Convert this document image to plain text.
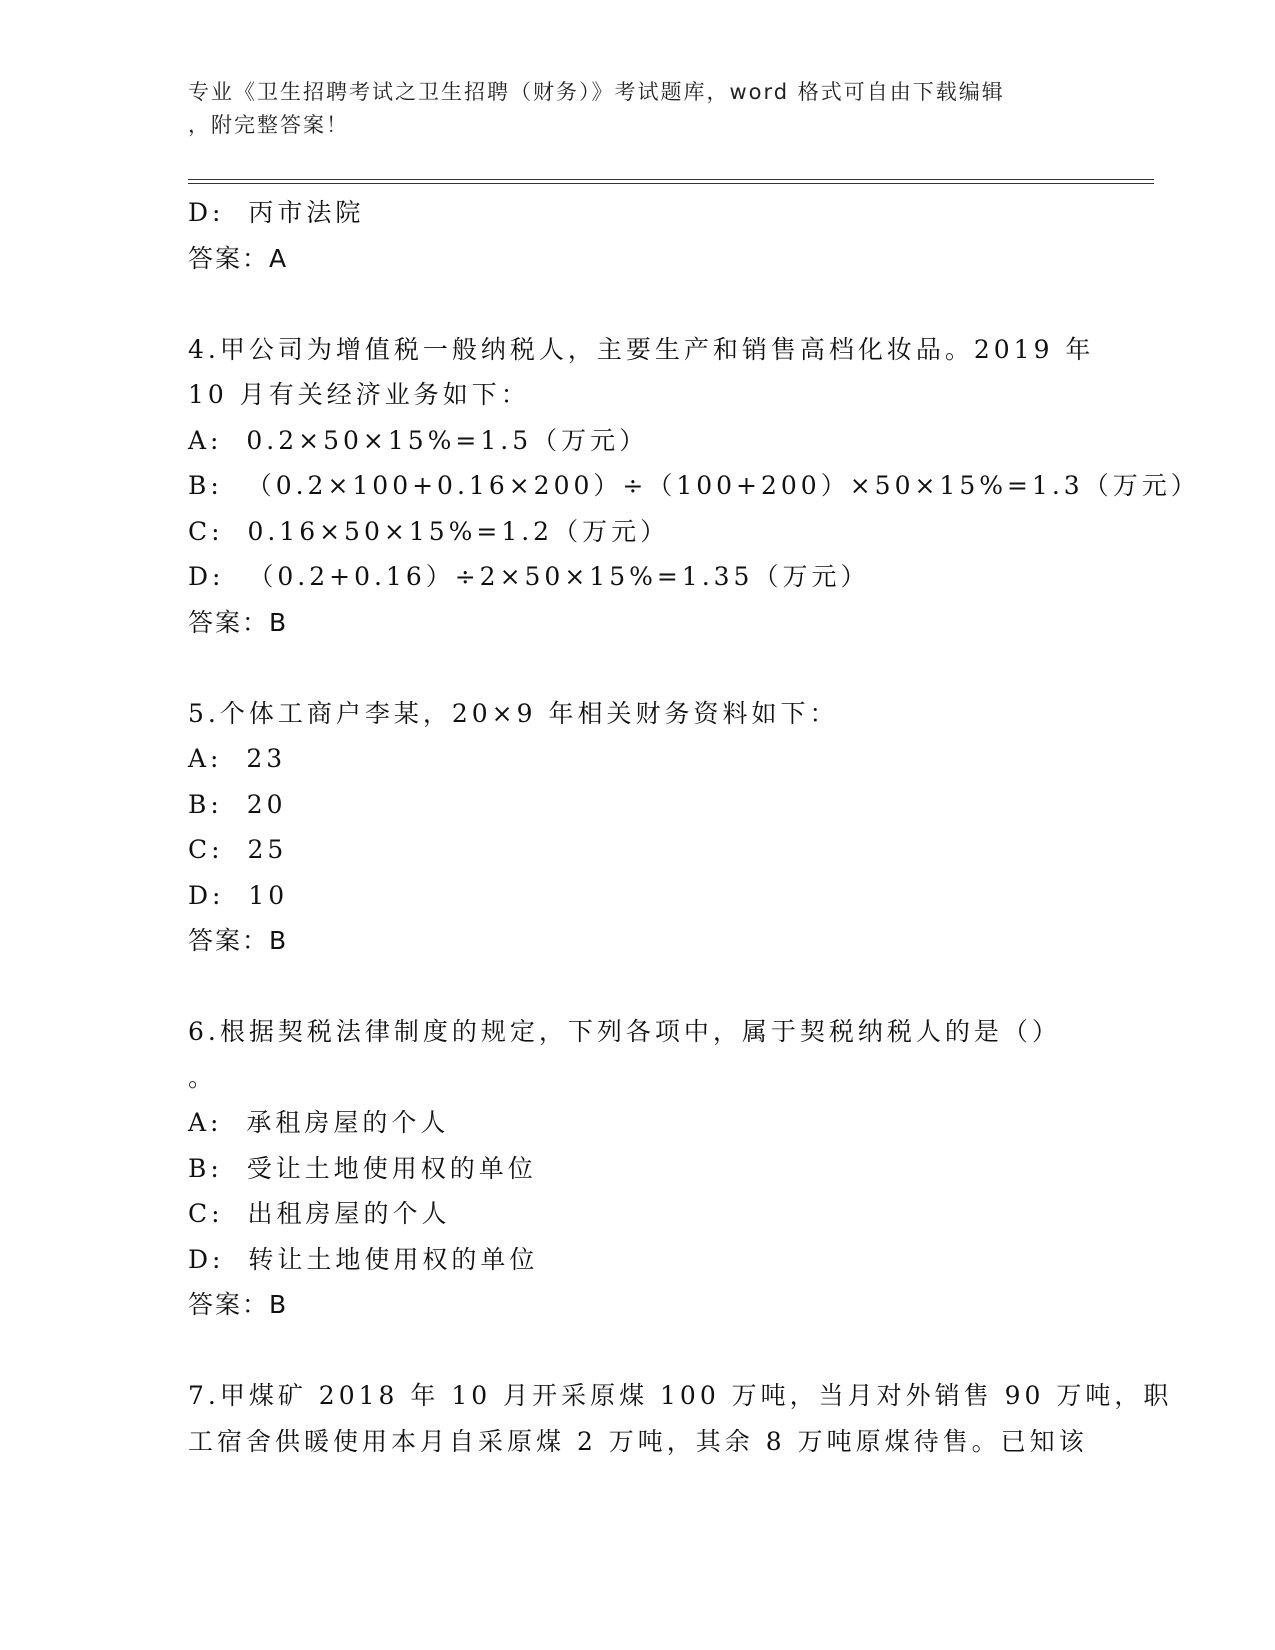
专业《卫生招聘考试之卫生招聘（财务）》考试题库，word 格式可自由下载编辑
，附完整答案！
D:  丙市法院
答案：A
4.甲公司为增值税一般纳税人，主要生产和销售高档化妆品。2019 年
10 月有关经济业务如下：
A:  0.2×50×15%=1.5（万元）
B:  （0.2×100+0.16×200）÷（100+200）×50×15%=1.3（万元）
C:  0.16×50×15%=1.2（万元）
D:  （0.2+0.16）÷2×50×15%=1.35（万元）
答案：B
5.个体工商户李某，20×9 年相关财务资料如下：
A:  23
B:  20
C:  25
D:  10
答案：B
6.根据契税法律制度的规定，下列各项中，属于契税纳税人的是（）
。
A:  承租房屋的个人
B:  受让土地使用权的单位
C:  出租房屋的个人
D:  转让土地使用权的单位
答案：B
7.甲煤矿 2018 年 10 月开采原煤 100 万吨，当月对外销售 90 万吨，职
工宿舍供暖使用本月自采原煤 2 万吨，其余 8 万吨原煤待售。已知该
